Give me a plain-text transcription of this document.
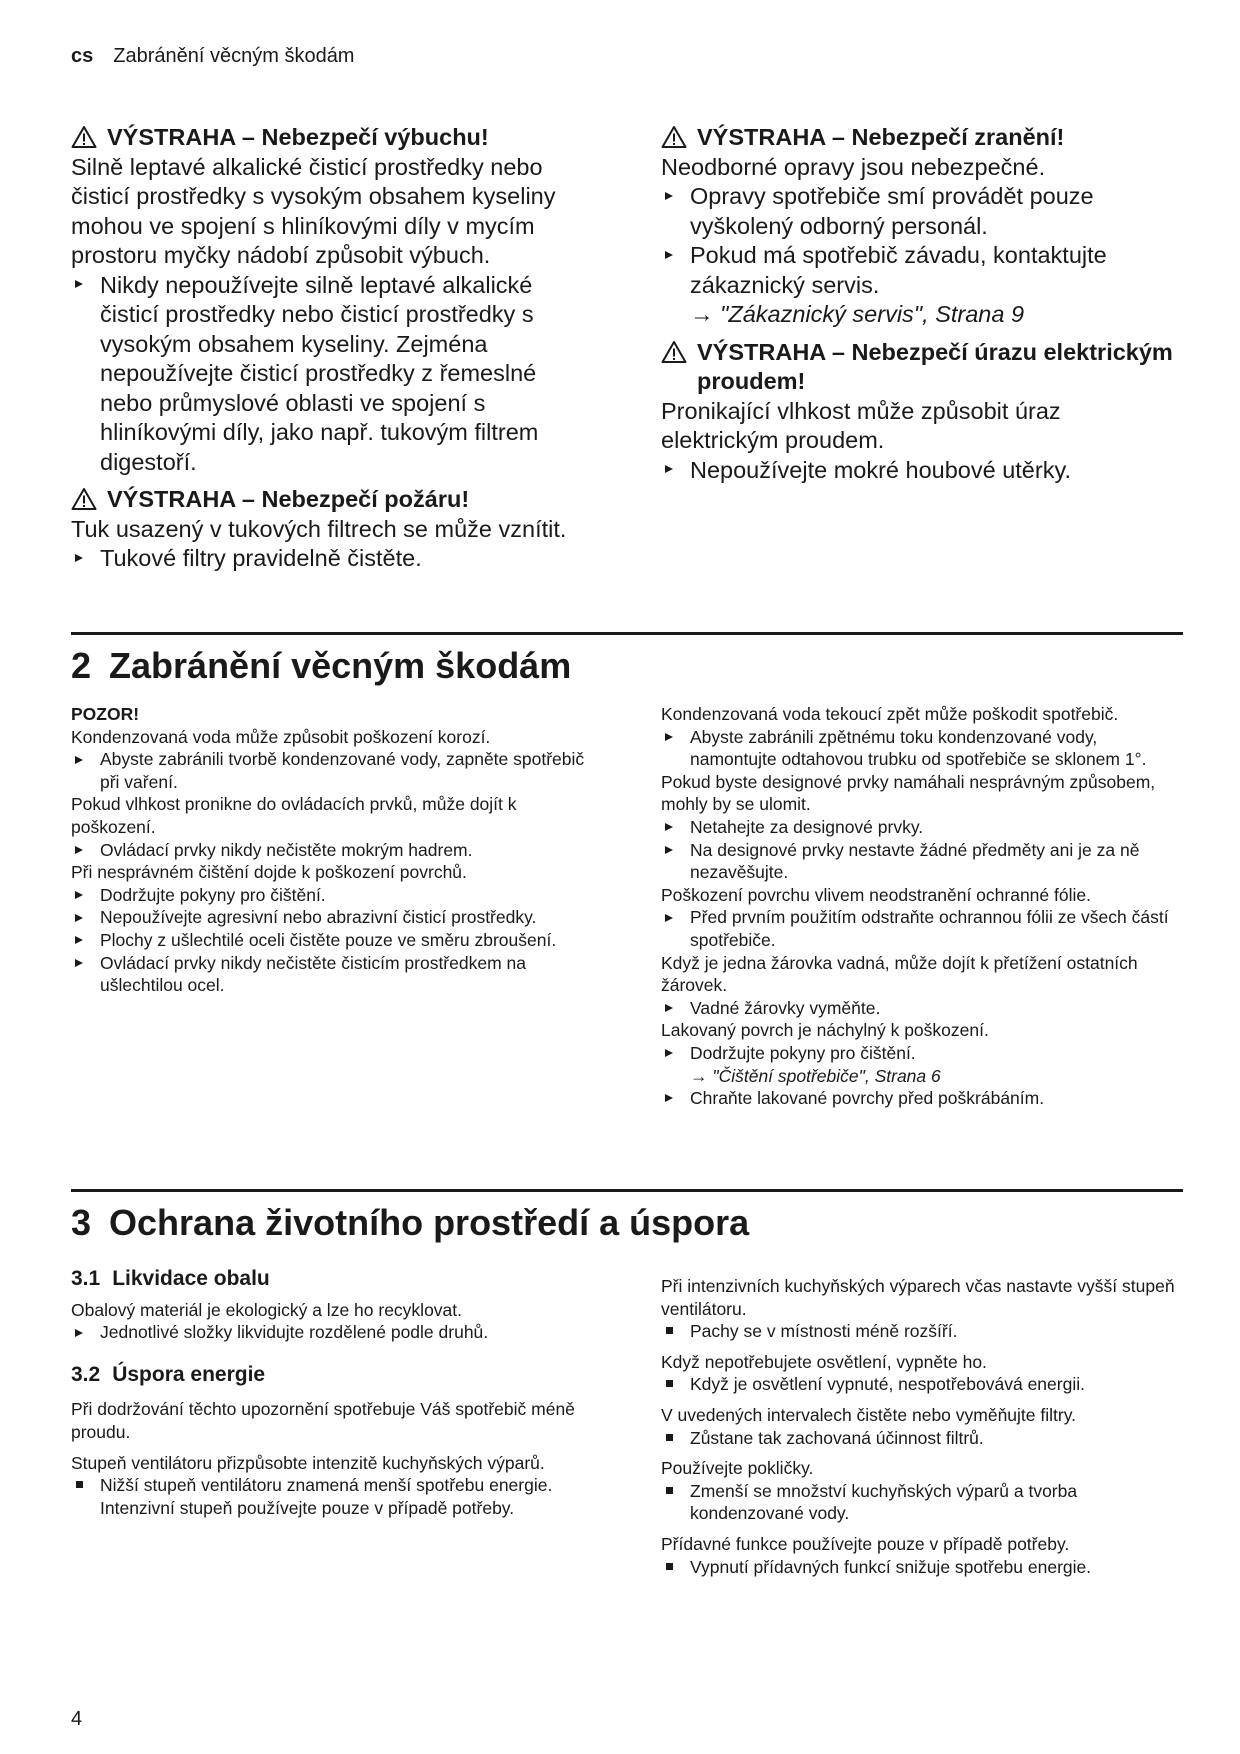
cs Zabránění věcným škodám
VÝSTRAHA – Nebezpečí výbuchu!

Silně leptavé alkalické čisticí prostředky nebo čisticí prostředky s vysokým obsahem kyseliny mohou ve spojení s hliníkovými díly v mycím prostoru myčky nádobí způsobit výbuch.

Nikdy nepoužívejte silně leptavé alkalické čisticí prostředky nebo čisticí prostředky s vysokým obsahem kyseliny. Zejména nepoužívejte čisticí prostředky z řemeslné nebo průmyslové oblasti ve spojení s hliníkovými díly, jako např. tukovým filtrem digestoří.
VÝSTRAHA – Nebezpečí požáru!

Tuk usazený v tukových filtrech se může vznítit.

Tukové filtry pravidelně čistěte.
VÝSTRAHA – Nebezpečí zranění!

Neodborné opravy jsou nebezpečné.

Opravy spotřebiče smí provádět pouze vyškolený odborný personál.
Pokud má spotřebič závadu, kontaktujte zákaznický servis.
→ "Zákaznický servis", Strana 9
VÝSTRAHA – Nebezpečí úrazu elektrickým proudem!

Pronikající vlhkost může způsobit úraz elektrickým proudem.

Nepoužívejte mokré houbové utěrky.
2 Zabránění věcným škodám

POZOR!

Kondenzovaná voda může způsobit poškození korozí.

Abyste zabránili tvorbě kondenzované vody, zapněte spotřebič při vaření.

Pokud vlhkost pronikne do ovládacích prvků, může dojít k poškození.

Ovládací prvky nikdy nečistěte mokrým hadrem.

Při nesprávném čištění dojde k poškození povrchů.

Dodržujte pokyny pro čištění.
Nepoužívejte agresivní nebo abrazivní čisticí prostředky.
Plochy z ušlechtilé oceli čistěte pouze ve směru zbroušení.
Ovládací prvky nikdy nečistěte čisticím prostředkem na ušlechtilou ocel.

Kondenzovaná voda tekoucí zpět může poškodit spotřebič.

Abyste zabránili zpětnému toku kondenzované vody, namontujte odtahovou trubku od spotřebiče se sklonem 1°.

Pokud byste designové prvky namáhali nesprávným způsobem, mohly by se ulomit.

Netahejte za designové prvky.
Na designové prvky nestavte žádné předměty ani je za ně nezavěšujte.

Poškození povrchu vlivem neodstranění ochranné fólie.

Před prvním použitím odstraňte ochrannou fólii ze všech částí spotřebiče.

Když je jedna žárovka vadná, může dojít k přetížení ostatních žárovek.

Vadné žárovky vyměňte.

Lakovaný povrch je náchylný k poškození.

Dodržujte pokyny pro čištění.
→ "Čištění spotřebiče", Strana 6
Chraňte lakované povrchy před poškrábáním.
3 Ochrana životního prostředí a úspora
3.1 Likvidace obalu

Obalový materiál je ekologický a lze ho recyklovat.

Jednotlivé složky likvidujte rozdělené podle druhů.
3.2 Úspora energie

Při dodržování těchto upozornění spotřebuje Váš spotřebič méně proudu.

Stupeň ventilátoru přizpůsobte intenzitě kuchyňských výparů.

Nižší stupeň ventilátoru znamená menší spotřebu energie.
Intenzivní stupeň používejte pouze v případě potřeby.

Při intenzivních kuchyňských výparech včas nastavte vyšší stupeň ventilátoru.

Pachy se v místnosti méně rozšíří.

Když nepotřebujete osvětlení, vypněte ho.

Když je osvětlení vypnuté, nespotřebovává energii.

V uvedených intervalech čistěte nebo vyměňujte filtry.

Zůstane tak zachovaná účinnost filtrů.

Používejte pokličky.

Zmenší se množství kuchyňských výparů a tvorba kondenzované vody.

Přídavné funkce používejte pouze v případě potřeby.

Vypnutí přídavných funkcí snižuje spotřebu energie.
4
